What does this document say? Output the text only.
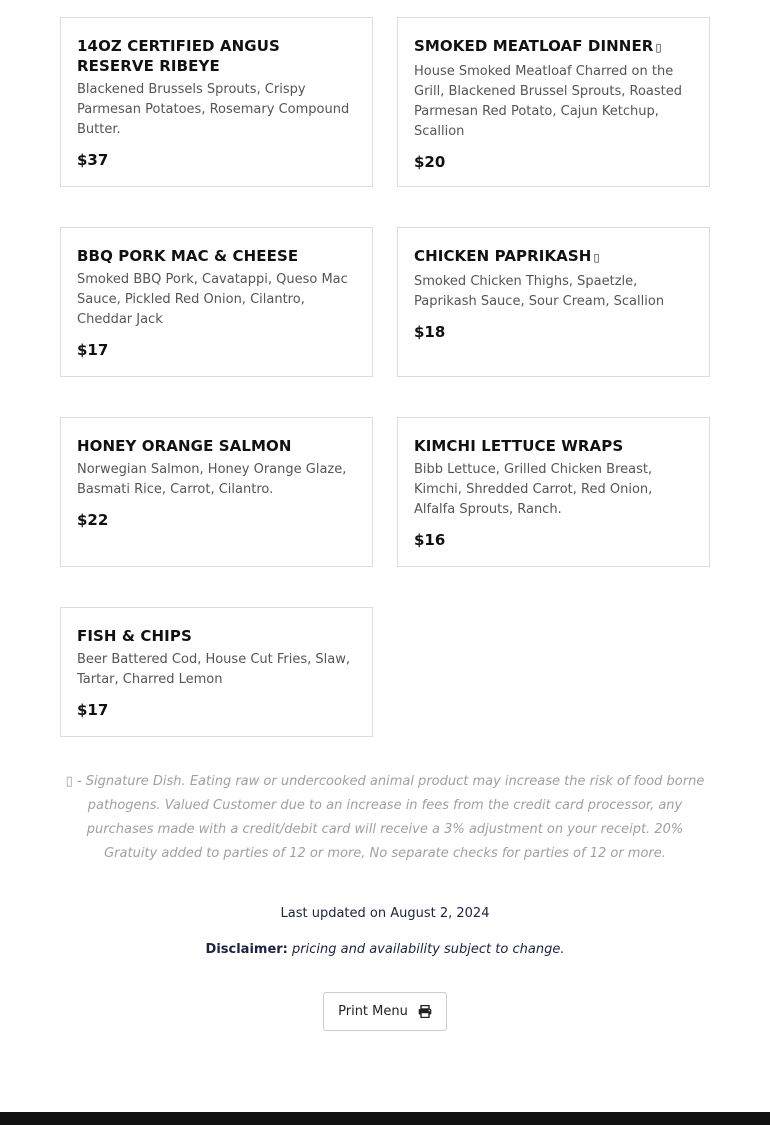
14OZ CERTIFIED ANGUS RESERVE RIBEYE
Blackened Brussels Sprouts, Crispy Parmesan Potatoes, Rosemary Compound Butter.
$37
SMOKED MEATLOAF DINNER ▯
House Smoked Meatloaf Charred on the Grill, Blackened Brussel Sprouts, Roasted Parmesan Red Potato, Cajun Ketchup, Scallion
$20
BBQ PORK MAC & CHEESE
Smoked BBQ Pork, Cavatappi, Queso Mac Sauce, Pickled Red Onion, Cilantro, Cheddar Jack
$17
CHICKEN PAPRIKASH ▯
Smoked Chicken Thighs, Spaetzle, Paprikash Sauce, Sour Cream, Scallion
$18
HONEY ORANGE SALMON
Norwegian Salmon, Honey Orange Glaze, Basmati Rice, Carrot, Cilantro.
$22
KIMCHI LETTUCE WRAPS
Bibb Lettuce, Grilled Chicken Breast, Kimchi, Shredded Carrot, Red Onion, Alfalfa Sprouts, Ranch.
$16
FISH & CHIPS
Beer Battered Cod, House Cut Fries, Slaw, Tartar, Charred Lemon
$17
▯ - Signature Dish. Eating raw or undercooked animal product may increase the risk of food borne pathogens. Valued Customer due to an increase in fees from the credit card processor, any purchases made with a credit/debit card will receive a 3% adjustment on your receipt. 20% Gratuity added to parties of 12 or more, No separate checks for parties of 12 or more.
Last updated on August 2, 2024
Disclaimer: pricing and availability subject to change.
Print Menu
